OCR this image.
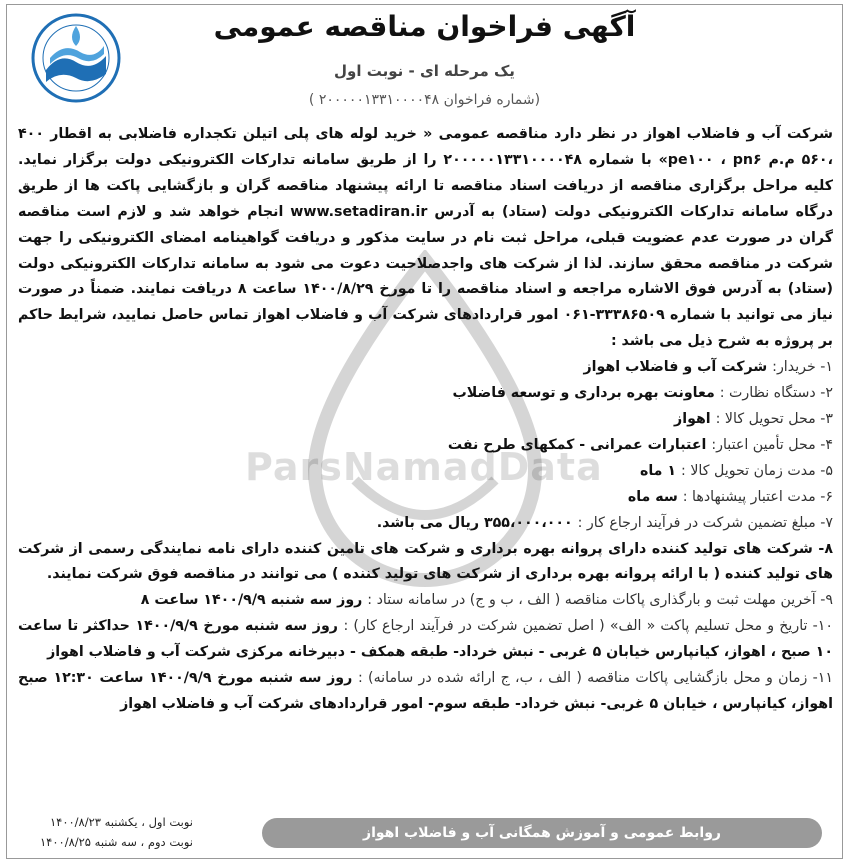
آگهی فراخوان مناقصه عمومی
یک مرحله ای - نوبت اول
(شماره فراخوان ۲۰۰۰۰۰۱۳۳۱۰۰۰۰۴۸ )
ParsNamadData

شرکت آب و فاضلاب اهواز در نظر دارد مناقصه عمومی « خرید لوله های پلی اتیلن تکجداره فاضلابی به اقطار ۴۰۰ ،۵۶۰ م.م pe۱۰۰ ، pn۶» با شماره ۲۰۰۰۰۰۱۳۳۱۰۰۰۰۴۸ را از طریق سامانه تدارکات الکترونیکی دولت برگزار نماید. کلیه مراحل برگزاری مناقصه از دریافت اسناد مناقصه تا ارائه پیشنهاد مناقصه گران و بازگشایی پاکت ها از طریق درگاه سامانه تدارکات الکترونیکی دولت (ستاد) به آدرس www.setadiran.ir انجام خواهد شد و لازم است مناقصه گران در صورت عدم عضویت قبلی، مراحل ثبت نام در سایت مذکور و دریافت گواهینامه امضای الکترونیکی را جهت شرکت در مناقصه محقق سازند. لذا از شرکت های واجدصلاحیت دعوت می شود به سامانه تدارکات الکترونیکی دولت (ستاد) به آدرس فوق الاشاره مراجعه و اسناد مناقصه را تا مورخ ۱۴۰۰/۸/۲۹ ساعت ۸ دریافت نمایند. ضمناً در صورت نیاز می توانید با شماره ۳۳۳۸۶۵۰۹-۰۶۱ امور قراردادهای شرکت آب و فاضلاب اهواز تماس حاصل نمایید، شرایط حاکم بر پروژه به شرح ذیل می باشد :

۱- خریدار: شرکت آب و فاضلاب اهواز

۲- دستگاه نظارت : معاونت بهره برداری و توسعه فاضلاب

۳- محل تحویل کالا : اهواز

۴- محل تأمین اعتبار: اعتبارات عمرانی - کمکهای طرح نفت

۵- مدت زمان تحویل کالا : ۱ ماه

۶- مدت اعتبار پیشنهادها : سه ماه

۷- مبلغ تضمین شرکت در فرآیند ارجاع کار : ۳۵۵،۰۰۰،۰۰۰ ریال می باشد.

۸- شرکت های تولید کننده دارای پروانه بهره برداری و شرکت های تامین کننده دارای نامه نمایندگی رسمی از شرکت های تولید کننده ( با ارائه پروانه بهره برداری از شرکت های تولید کننده ) می توانند در مناقصه فوق شرکت نمایند.

۹- آخرین مهلت ثبت و بارگذاری پاکات مناقصه ( الف ، ب و ج) در سامانه ستاد : روز سه شنبه ۱۴۰۰/۹/۹ ساعت ۸

۱۰- تاریخ و محل تسلیم پاکت « الف» ( اصل تضمین شرکت در فرآیند ارجاع کار) : روز سه شنبه مورخ ۱۴۰۰/۹/۹ حداکثر تا ساعت ۱۰ صبح ، اهواز، کیانپارس خیابان ۵ غربی - نبش خرداد- طبقه همکف - دبیرخانه مرکزی شرکت آب و فاضلاب اهواز

۱۱- زمان و محل بازگشایی پاکات مناقصه ( الف ، ب، ج ارائه شده در سامانه) : روز سه شنبه مورخ ۱۴۰۰/۹/۹ ساعت ۱۲:۳۰ صبح اهواز، کیانپارس ، خیابان ۵ غربی- نبش خرداد- طبقه سوم- امور قراردادهای شرکت آب و فاضلاب اهواز

نوبت اول ، یکشنبه ۱۴۰۰/۸/۲۳
نوبت دوم ، سه شنبه ۱۴۰۰/۸/۲۵
روابط عمومی و آموزش همگانی آب و فاضلاب اهواز
